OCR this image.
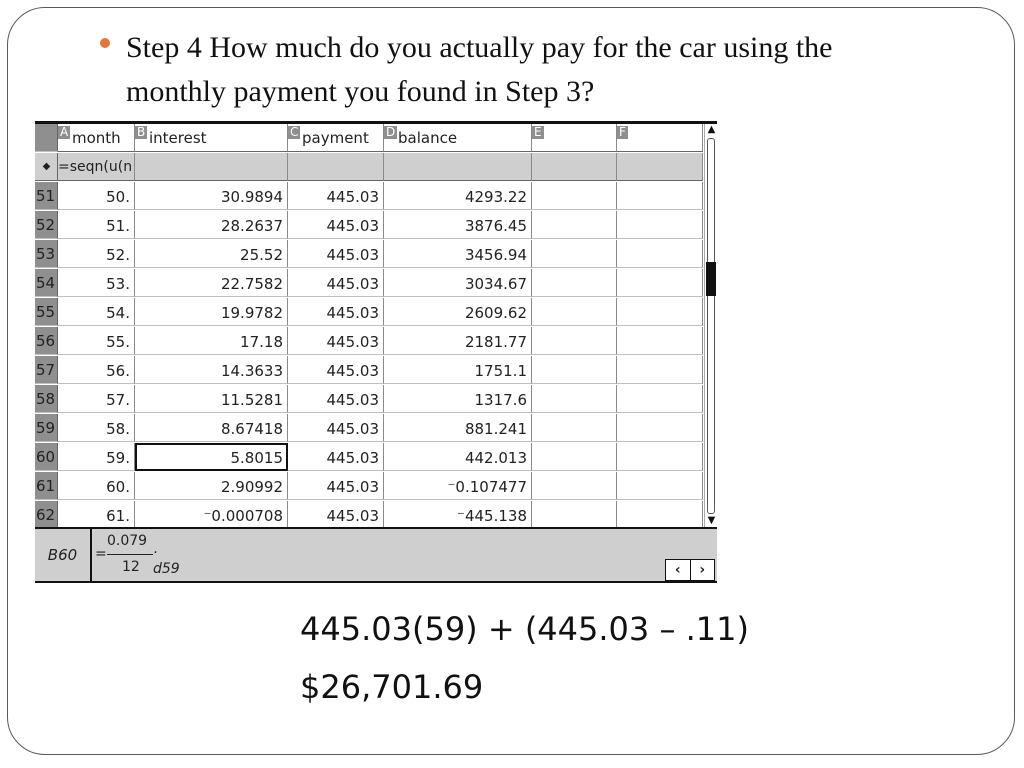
Step 4 How much do you actually pay for the car using the monthly payment you found in Step 3?
A month B interest	C payment D balance	E	F
◆ =seqn(u(n
51	50.	30.9894	445.03	4293.22
52	51.	28.2637	445.03	3876.45
53	52.	25.52	445.03	3456.94
54	53.	22.7582	445.03	3034.67
55	54.	19.9782	445.03	2609.62
56	55.	17.18	445.03	2181.77
57	56.	14.3633	445.03	1751.1
58	57.	11.5281	445.03	1317.6
59	58.	8.67418	445.03	881.241
60	59.	5.8015	445.03	442.013
61	60.	2.90992	445.03	⁻0.107477
62	61.	⁻0.000708	445.03	⁻445.138
▲
▼
B60	=
0.079
12
· d59	‹	›
445.03(59) + (445.03 – .11)
$26,701.69
